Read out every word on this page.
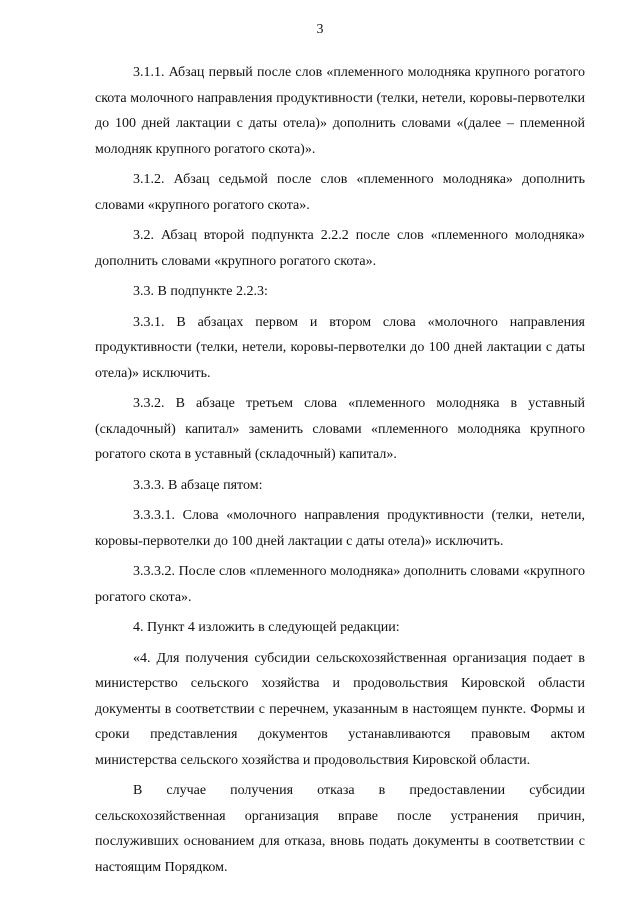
3

3.1.1. Абзац первый после слов «племенного молодняка крупного рогатого скота молочного направления продуктивности (телки, нетели, коровы-первотелки до 100 дней лактации с даты отела)» дополнить словами «(далее – племенной молодняк крупного рогатого скота)».

3.1.2. Абзац седьмой после слов «племенного молодняка» дополнить словами «крупного рогатого скота».

3.2. Абзац второй подпункта 2.2.2 после слов «племенного молодняка» дополнить словами «крупного рогатого скота».

3.3. В подпункте 2.2.3:

3.3.1. В абзацах первом и втором слова «молочного направления продуктивности (телки, нетели, коровы-первотелки до 100 дней лактации с даты отела)» исключить.

3.3.2. В абзаце третьем слова «племенного молодняка в уставный (складочный) капитал» заменить словами «племенного молодняка крупного рогатого скота в уставный (складочный) капитал».

3.3.3. В абзаце пятом:

3.3.3.1. Слова «молочного направления продуктивности (телки, нетели, коровы-первотелки до 100 дней лактации с даты отела)» исключить.

3.3.3.2. После слов «племенного молодняка» дополнить словами «крупного рогатого скота».

4. Пункт 4 изложить в следующей редакции:

«4. Для получения субсидии сельскохозяйственная организация подает в министерство сельского хозяйства и продовольствия Кировской области документы в соответствии с перечнем, указанным в настоящем пункте. Формы и сроки представления документов устанавливаются правовым актом министерства сельского хозяйства и продовольствия Кировской области.

В случае получения отказа в предоставлении субсидии сельскохозяйственная организация вправе после устранения причин, послуживших основанием для отказа, вновь подать документы в соответствии с настоящим Порядком.
